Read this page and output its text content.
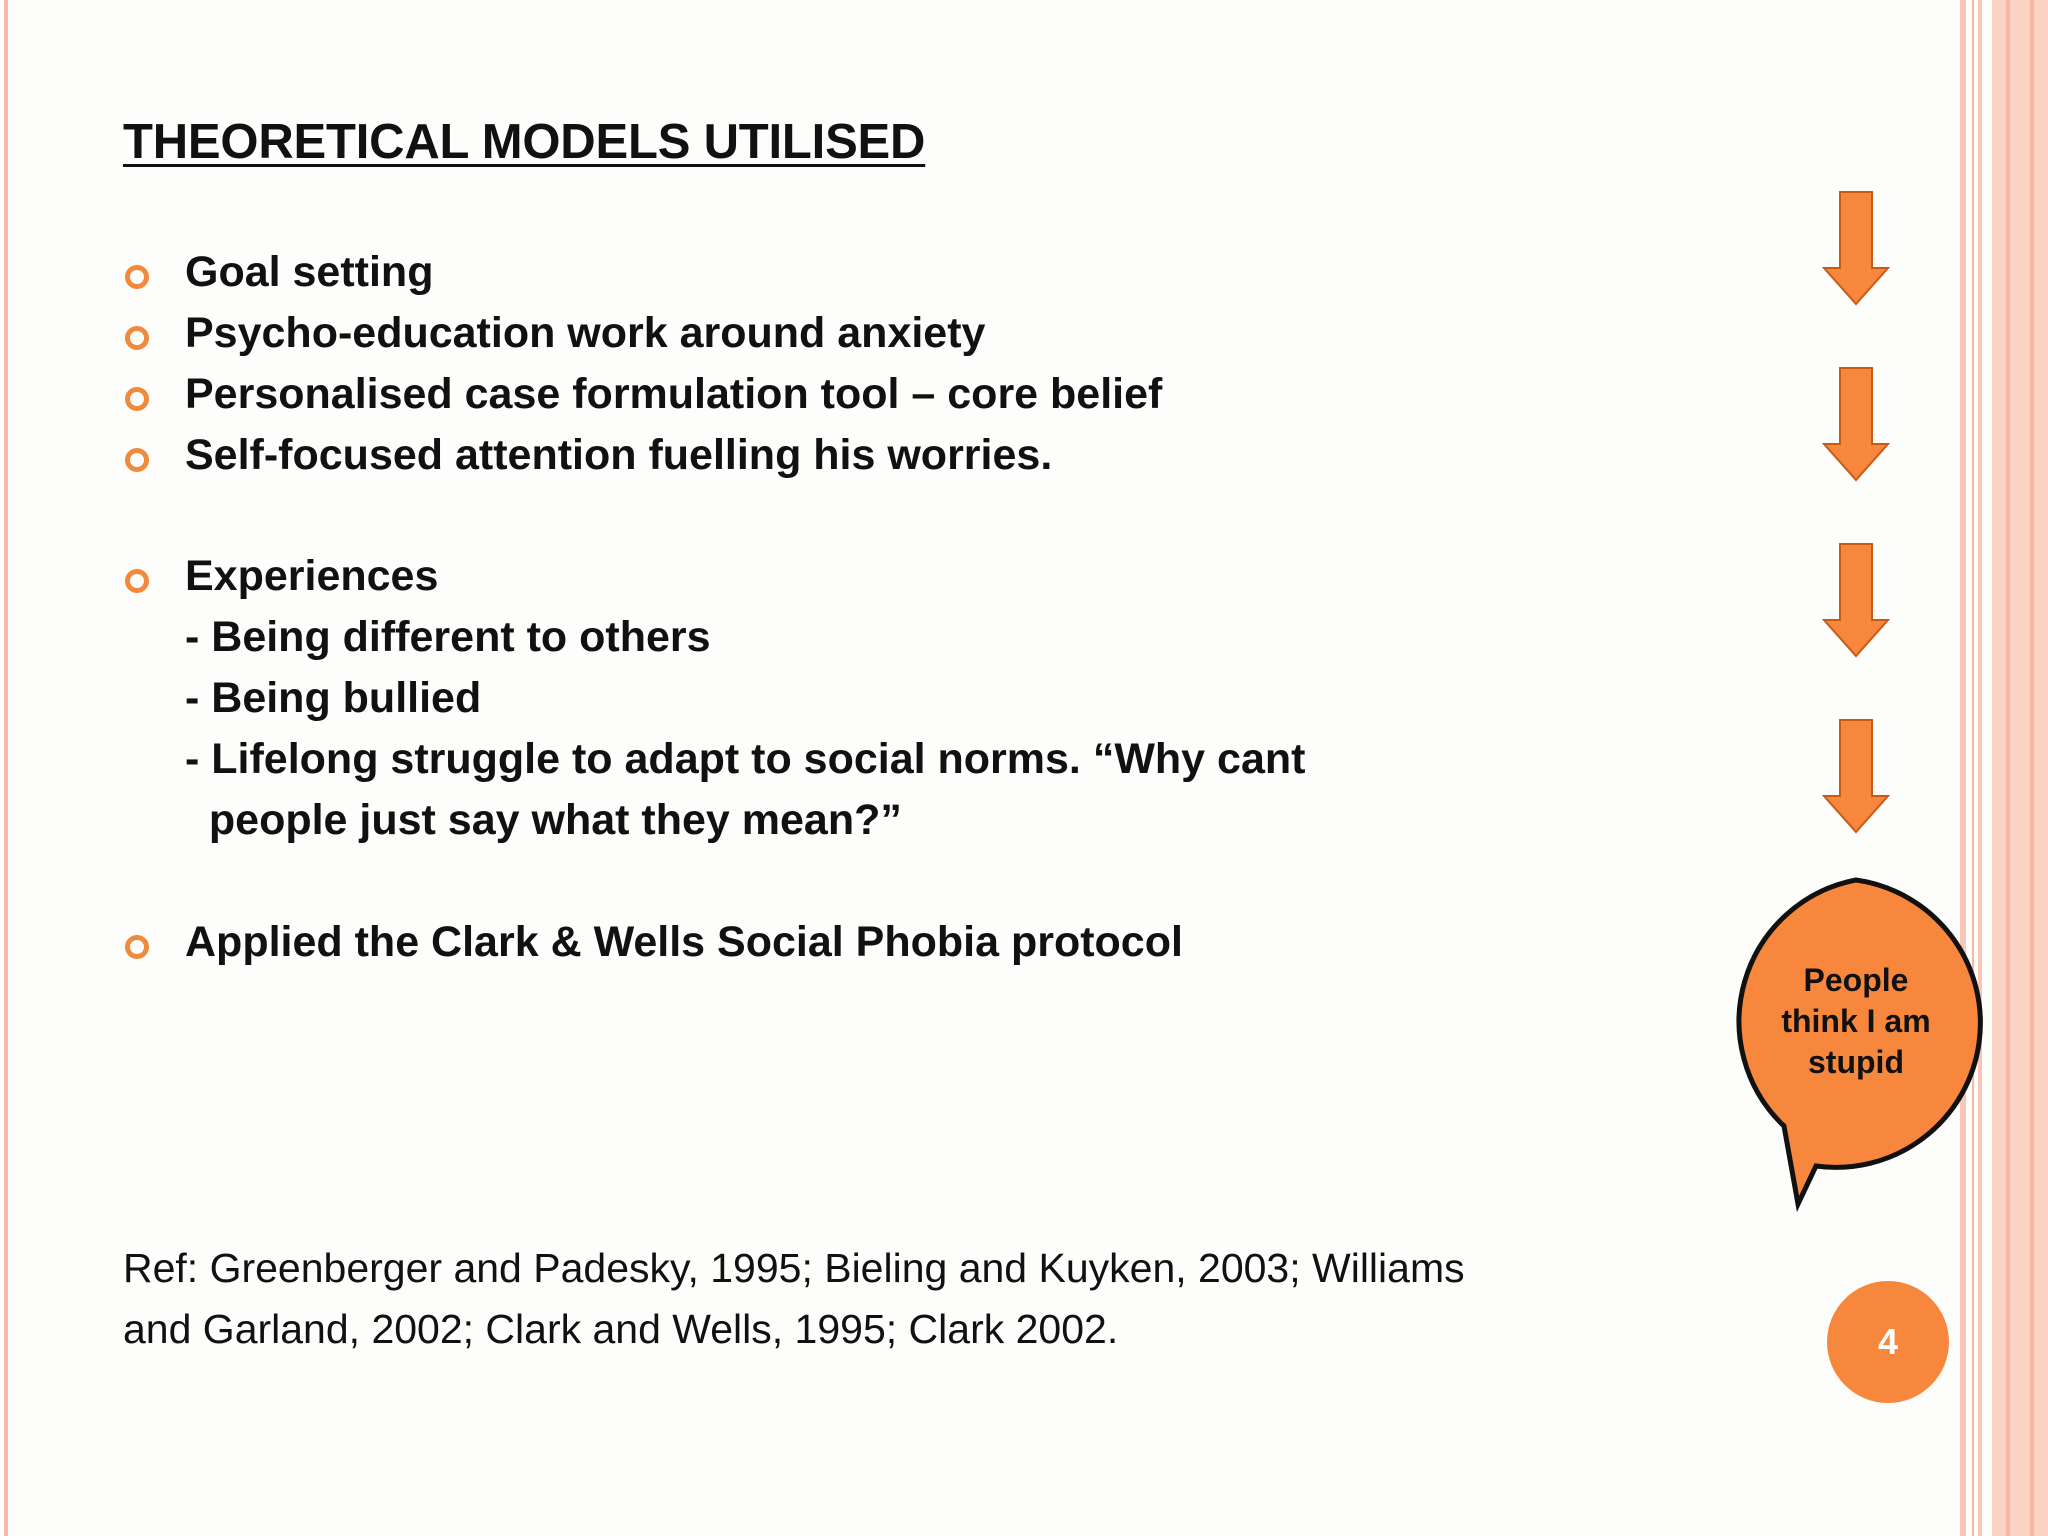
THEORETICAL MODELS UTILISED
Goal setting
Psycho-education work around anxiety
Personalised case formulation tool – core belief
Self-focused attention fuelling his worries.
Experiences
- Being different to others
- Being bullied
- Lifelong struggle to adapt to social norms. “Why cant
people just say what they mean?”
Applied the Clark & Wells Social Phobia protocol
Ref: Greenberger and Padesky, 1995; Bieling and Kuyken, 2003; Williams
and Garland, 2002; Clark and Wells, 1995; Clark 2002.
People
think I am
stupid
4
